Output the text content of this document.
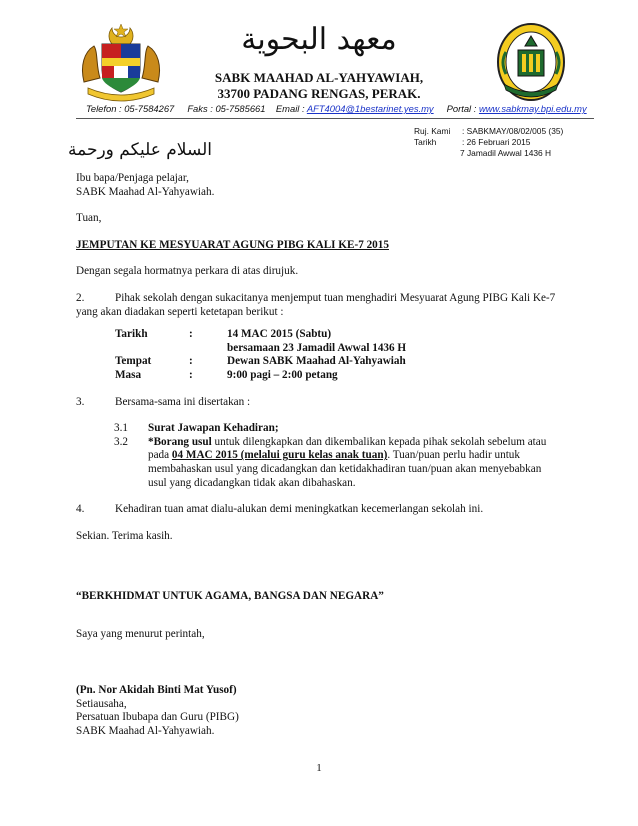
معهد البحوية
SABK MAAHAD AL-YAHYAWIAH,
33700 PADANG RENGAS, PERAK.
Telefon : 05-7584267 Faks : 05-7585661 Email : AFT4004@1bestarinet.yes.my Portal : www.sabkmay.bpi.edu.my
Ruj. Kami : SABKMAY/08/02/005 (35)
Tarikh	: 26 Februari 2015
7 Jamadil Awwal 1436 H
السلام عليكم ورحمة
Ibu bapa/Penjaga pelajar,
SABK Maahad Al-Yahyawiah.
Tuan,
JEMPUTAN KE MESYUARAT AGUNG PIBG KALI KE-7 2015
Dengan segala hormatnya perkara di atas dirujuk.
2.	Pihak sekolah dengan sukacitanya menjemput tuan menghadiri Mesyuarat Agung PIBG Kali Ke-7
yang akan diadakan seperti ketetapan berikut :
Tarikh	:	14 MAC 2015 (Sabtu)
		bersamaan 23 Jamadil Awwal 1436 H
Tempat	:	Dewan SABK Maahad Al-Yahyawiah
Masa	:	9:00 pagi – 2:00 petang
3.	Bersama-sama ini disertakan :
3.1 Surat Jawapan Kehadiran;
3.2	*Borang usul untuk dilengkapkan dan dikembalikan kepada pihak sekolah sebelum atau
pada 04 MAC 2015 (melalui guru kelas anak tuan). Tuan/puan perlu hadir untuk
membahaskan usul yang dicadangkan dan ketidakhadiran tuan/puan akan menyebabkan
usul yang dicadangkan tidak akan dibahaskan.
4.	Kehadiran tuan amat dialu-alukan demi meningkatkan kecemerlangan sekolah ini.
Sekian. Terima kasih.
“BERKHIDMAT UNTUK AGAMA, BANGSA DAN NEGARA”
Saya yang menurut perintah,
(Pn. Nor Akidah Binti Mat Yusof)
Setiausaha,
Persatuan Ibubapa dan Guru (PIBG)
SABK Maahad Al-Yahyawiah.
1
